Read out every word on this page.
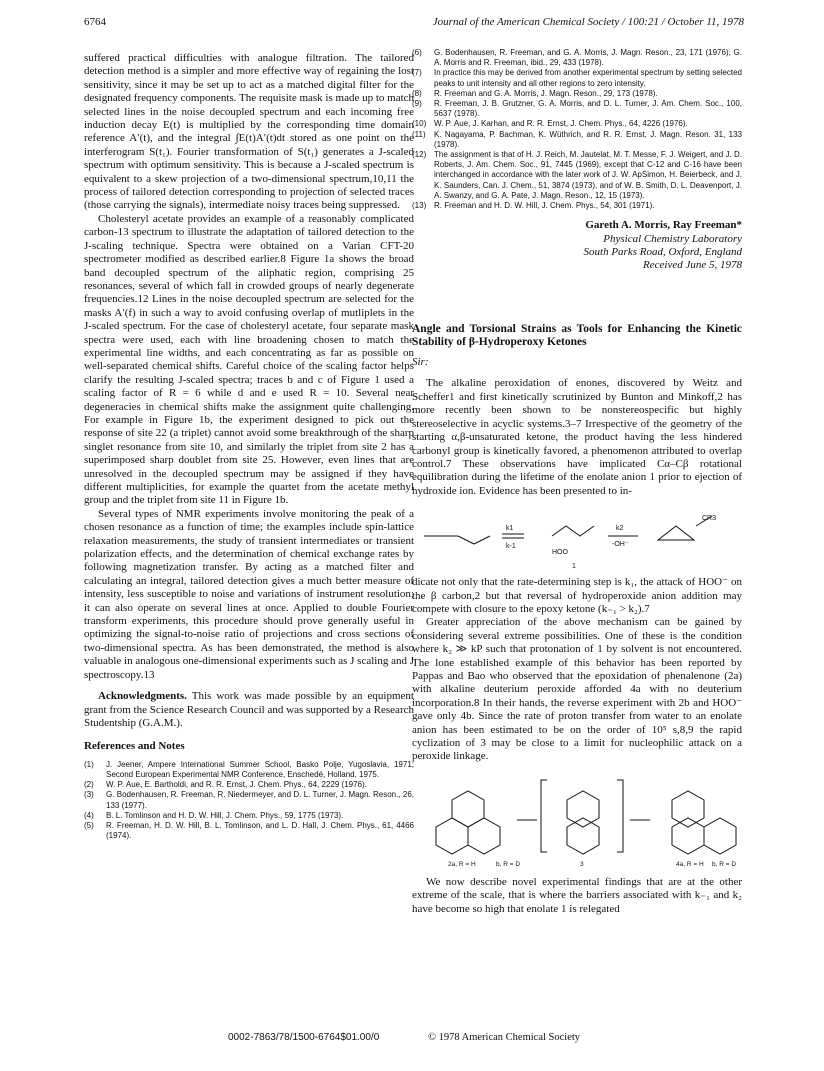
6764	Journal of the American Chemical Society / 100:21 / October 11, 1978

suffered practical difficulties with analogue filtration. The tailored detection method is a simpler and more effective way of regaining the lost sensitivity, since it may be set up to act as a matched digital filter for the designated frequency components. The requisite mask is made up to match selected lines in the noise decoupled spectrum and each incoming free induction decay E(t) is multiplied by the corresponding time domain reference A′(t), and the integral ∫E(t)A′(t)dt stored as one point on the interferogram S(t₁). Fourier transformation of S(t₁) generates a J-scaled spectrum with optimum sensitivity. This is because a J-scaled spectrum is equivalent to a skew projection of a two-dimensional spectrum,10,11 the process of tailored detection corresponding to projection of selected traces (those carrying the signals), intermediate noisy traces being suppressed.

Cholesteryl acetate provides an example of a reasonably complicated carbon-13 spectrum to illustrate the adaptation of tailored detection to the J-scaling technique. Spectra were obtained on a Varian CFT-20 spectrometer modified as described earlier.8 Figure 1a shows the broad band decoupled spectrum of the aliphatic region, comprising 25 resonances, several of which fall in crowded groups of nearly degenerate frequencies.12 Lines in the noise decoupled spectrum are selected for the masks A′(f) in such a way to avoid confusing overlap of mutliplets in the J-scaled spectrum. For the case of cholesteryl acetate, four separate mask spectra were used, each with line broadening chosen to match the experimental line widths, and each concentrating as far as possible on well-separated chemical shifts. Careful choice of the scaling factor helps clarify the resulting J-scaled spectra; traces b and c of Figure 1 used a scaling factor of R = 6 while d and e used R = 10. Several near degeneracies in chemical shifts make the assignment quite challenging. For example in Figure 1b, the experiment designed to pick out the response of site 22 (a triplet) cannot avoid some breakthrough of the sharp singlet resonance from site 10, and similarly the triplet from site 2 has a superimposed sharp doublet from site 25. However, even lines that are unresolved in the decoupled spectrum may be assigned if they have different multiplicities, for example the quartet from the acetate methyl group and the triplet from site 11 in Figure 1b.

Several types of NMR experiments involve monitoring the peak of a chosen resonance as a function of time; the examples include spin-lattice relaxation measurements, the study of transient intermediates or transient polarization effects, and the determination of chemical exchange rates by following magnetization transfer. By acting as a matched filter and calculating an integral, tailored detection gives a much better measure of intensity, less susceptible to noise and variations of instrument resolution; it can also operate on several lines at once. Applied to double Fourier transform experiments, this procedure should prove generally useful in optimizing the signal-to-noise ratio of projections and cross sections of two-dimensional spectra. As has been demonstrated, the method is also valuable in analogous one-dimensional experiments such as J scaling and J spectroscopy.13

Acknowledgments. This work was made possible by an equipment grant from the Science Research Council and was supported by a Research Studentship (G.A.M.).

References and Notes
(1)	J. Jeener, Ampere International Summer School, Basko Polje, Yugoslavia, 1971; Second European Experimental NMR Conference, Enschedé, Holland, 1975.
(2)	W. P. Aue, E. Bartholdi, and R. R. Ernst, J. Chem. Phys., 64, 2229 (1976).
(3)	G. Bodenhausen, R. Freeman, R. Niedermeyer, and D. L. Turner, J. Magn. Reson., 26, 133 (1977).
(4)	B. L. Tomlinson and H. D. W. Hill, J. Chem. Phys., 59, 1775 (1973).
(5)	R. Freeman, H. D. W. Hill, B. L. Tomlinson, and L. D. Hall, J. Chem. Phys., 61, 4466 (1974).
(6)	G. Bodenhausen, R. Freeman, and G. A. Morris, J. Magn. Reson., 23, 171 (1976); G. A. Morris and R. Freeman, ibid., 29, 433 (1978).
(7)	In practice this may be derived from another experimental spectrum by setting selected peaks to unit intensity and all other regions to zero intensity.
(8)	R. Freeman and G. A. Morris, J. Magn. Reson., 29, 173 (1978).
(9)	R. Freeman, J. B. Grutzner, G. A. Morris, and D. L. Turner, J. Am. Chem. Soc., 100, 5637 (1978).
(10) W. P. Aue, J. Karhan, and R. R. Ernst, J. Chem. Phys., 64, 4226 (1976).
(11)	K. Nagayama, P. Bachman, K. Wüthrich, and R. R. Ernst, J. Magn. Reson. 31, 133 (1978).
(12) The assignment is that of H. J. Reich, M. Jautelat, M. T. Messe, F. J. Weigert, and J. D. Roberts, J. Am. Chem. Soc., 91, 7445 (1969), except that C-12 and C-16 have been interchanged in accordance with the later work of J. W. ApSimon, H. Beierbeck, and J. K. Saunders, Can. J. Chem., 51, 3874 (1973), and of W. B. Smith, D. L. Deavenport, J. A. Swanzy, and G. A. Pate, J. Magn. Reson., 12, 15 (1973).
(13) R. Freeman and H. D. W. Hill, J. Chem. Phys., 54, 301 (1971).
Gareth A. Morris, Ray Freeman*
Physical Chemistry Laboratory
South Parks Road, Oxford, England
Received June 5, 1978
Angle and Torsional Strains as Tools for Enhancing the Kinetic Stability of β-Hydroperoxy Ketones
Sir:

The alkaline peroxidation of enones, discovered by Weitz and Scheffer1 and first kinetically scrutinized by Bunton and Minkoff,2 has more recently been shown to be nonstereospecific but highly stereoselective in acyclic systems.3–7 Irrespective of the geometry of the starting α,β-unsaturated ketone, the product having the less hindered carbonyl group is kinetically favored, a phenomenon attributed to overlap control.7 These observations have implicated Cα–Cβ rotational equilibration during the lifetime of the enolate anion 1 prior to ejection of hydroxide ion. Evidence has been presented to in-

k1
k-1
k2
-OH⁻
HOO
CR3
1

dicate not only that the rate-determining step is k₁, the attack of HOO⁻ on the β carbon,2 but that reversal of hydroperoxide anion addition may compete with closure to the epoxy ketone (k₋₁ > k₂).7

Greater appreciation of the above mechanism can be gained by considering several extreme possibilities. One of these is the condition where k₂ ≫ kP such that protonation of 1 by solvent is not encountered. The lone established example of this behavior has been reported by Pappas and Bao who observed that the epoxidation of phenalenone (2a) with alkaline deuterium peroxide afforded 4a with no deuterium incorporation.8 In their hands, the reverse experiment with 2b and HOO⁻ gave only 4b. Since the rate of proton transfer from water to an enolate anion has been estimated to be on the order of 10⁵ s,8,9 the rapid cyclization of 3 may be close to a limit for nucleophilic attack on a peroxide linkage.

2a, R = H	b, R = D	3	4a, R = H b, R = D

We now describe novel experimental findings that are at the other extreme of the scale, that is where the barriers associated with k₋₁ and k₂ have become so high that enolate 1 is relegated

0002-7863/78/1500-6764$01.00/0	© 1978 American Chemical Society
